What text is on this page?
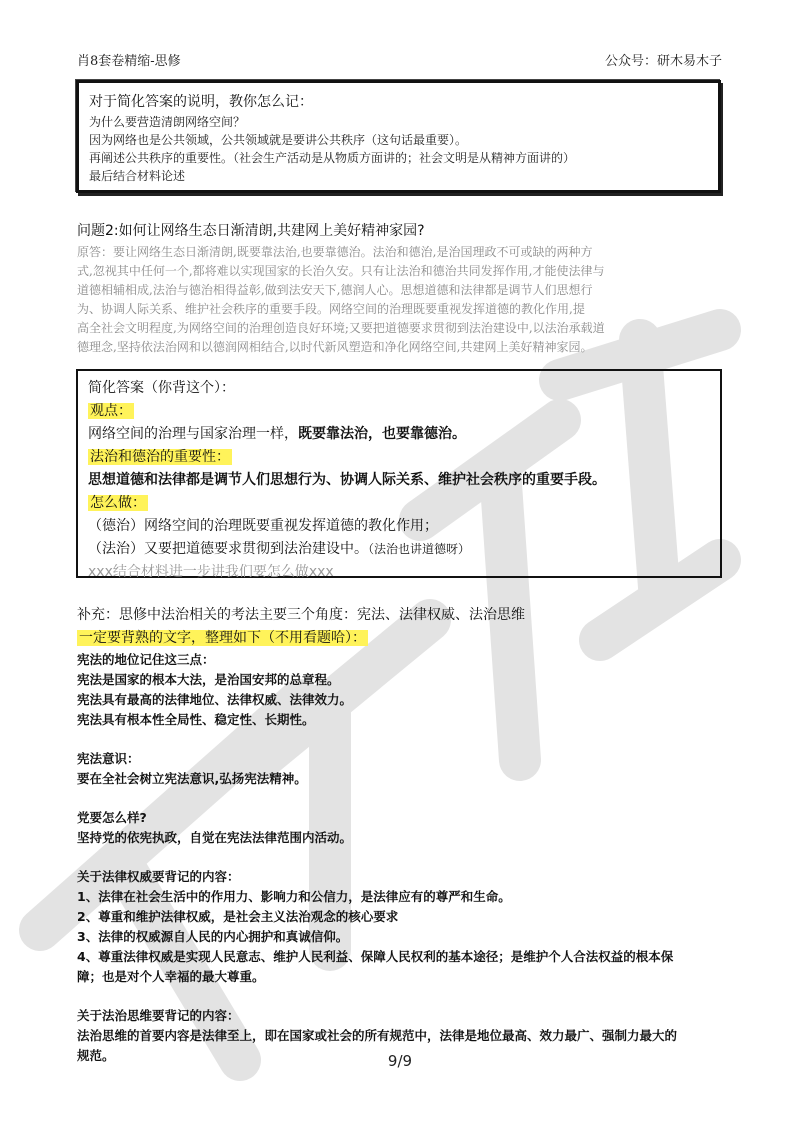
肖8套卷精缩-思修	公众号：研木易木子
对于简化答案的说明，教你怎么记：
为什么要营造清朗网络空间？
因为网络也是公共领域，公共领域就是要讲公共秩序（这句话最重要）。
再阐述公共秩序的重要性。（社会生产活动是从物质方面讲的；社会文明是从精神方面讲的）
最后结合材料论述
问题2:如何让网络生态日渐清朗,共建网上美好精神家园?
原答：要让网络生态日渐清朗,既要靠法治,也要靠德治。法治和德治,是治国理政不可或缺的两种方
式,忽视其中任何一个,都将难以实现国家的长治久安。只有让法治和德治共同发挥作用,才能使法律与
道德相辅相成,法治与德治相得益彰,做到法安天下,德润人心。思想道德和法律都是调节人们思想行
为、协调人际关系、维护社会秩序的重要手段。网络空间的治理既要重视发挥道德的教化作用,提
高全社会文明程度,为网络空间的治理创造良好环境;又要把道德要求贯彻到法治建设中,以法治承载道
德理念,坚持依法治网和以德润网相结合,以时代新风塑造和净化网络空间,共建网上美好精神家园。
简化答案（你背这个）：
观点：
网络空间的治理与国家治理一样，既要靠法治，也要靠德治。
法治和德治的重要性：
思想道德和法律都是调节人们思想行为、协调人际关系、维护社会秩序的重要手段。
怎么做：
（德治）网络空间的治理既要重视发挥道德的教化作用；
（法治）又要把道德要求贯彻到法治建设中。（法治也讲道德呀）
xxx结合材料进一步讲我们要怎么做xxx
补充：思修中法治相关的考法主要三个角度：宪法、法律权威、法治思维
一定要背熟的文字，整理如下（不用看题哈）：
宪法的地位记住这三点：
宪法是国家的根本大法，是治国安邦的总章程。
宪法具有最高的法律地位、法律权威、法律效力。
宪法具有根本性全局性、稳定性、长期性。
宪法意识：
要在全社会树立宪法意识,弘扬宪法精神。
党要怎么样?
坚持党的依宪执政，自觉在宪法法律范围内活动。
关于法律权威要背记的内容：
1、法律在社会生活中的作用力、影响力和公信力，是法律应有的尊严和生命。
2、尊重和维护法律权威，是社会主义法治观念的核心要求
3、法律的权威源自人民的内心拥护和真诚信仰。
4、尊重法律权威是实现人民意志、维护人民利益、保障人民权利的基本途径；是维护个人合法权益的根本保
障；也是对个人幸福的最大尊重。
关于法治思维要背记的内容：
法治思维的首要内容是法律至上，即在国家或社会的所有规范中，法律是地位最高、效力最广、强制力最大的
规范。	9/9
